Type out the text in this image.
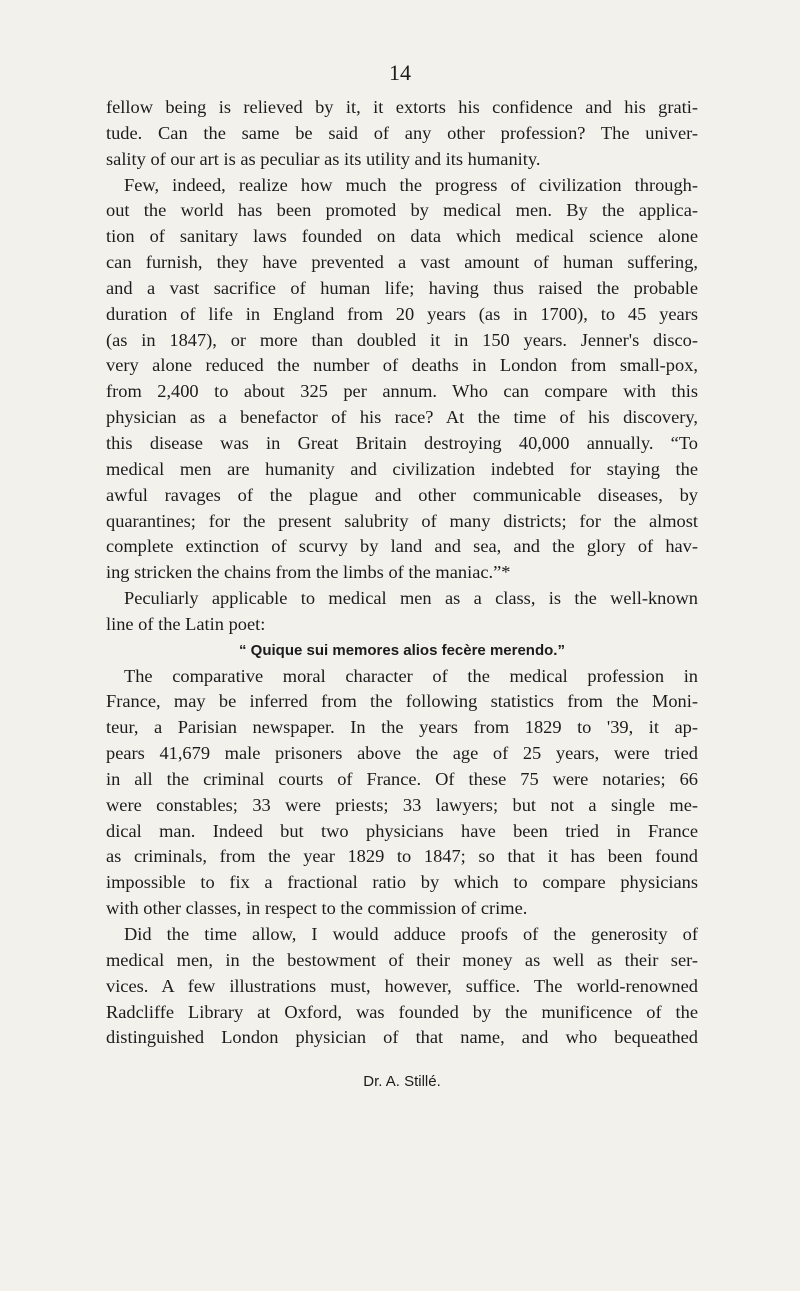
14
fellow being is relieved by it, it extorts his confidence and his grati-
tude. Can the same be said of any other profession? The univer-
sality of our art is as peculiar as its utility and its humanity.
Few, indeed, realize how much the progress of civilization through-
out the world has been promoted by medical men. By the applica-
tion of sanitary laws founded on data which medical science alone
can furnish, they have prevented a vast amount of human suffering,
and a vast sacrifice of human life; having thus raised the probable
duration of life in England from 20 years (as in 1700), to 45 years
(as in 1847), or more than doubled it in 150 years. Jenner's disco-
very alone reduced the number of deaths in London from small-pox,
from 2,400 to about 325 per annum. Who can compare with this
physician as a benefactor of his race? At the time of his discovery,
this disease was in Great Britain destroying 40,000 annually. “To
medical men are humanity and civilization indebted for staying the
awful ravages of the plague and other communicable diseases, by
quarantines; for the present salubrity of many districts; for the almost
complete extinction of scurvy by land and sea, and the glory of hav-
ing stricken the chains from the limbs of the maniac.”*
Peculiarly applicable to medical men as a class, is the well-known
line of the Latin poet:
“ Quique sui memores alios fecère merendo.”
The comparative moral character of the medical profession in
France, may be inferred from the following statistics from the Moni-
teur, a Parisian newspaper. In the years from 1829 to '39, it ap-
pears 41,679 male prisoners above the age of 25 years, were tried
in all the criminal courts of France. Of these 75 were notaries; 66
were constables; 33 were priests; 33 lawyers; but not a single me-
dical man. Indeed but two physicians have been tried in France
as criminals, from the year 1829 to 1847; so that it has been found
impossible to fix a fractional ratio by which to compare physicians
with other classes, in respect to the commission of crime.
Did the time allow, I would adduce proofs of the generosity of
medical men, in the bestowment of their money as well as their ser-
vices. A few illustrations must, however, suffice. The world-renowned
Radcliffe Library at Oxford, was founded by the munificence of the
distinguished London physician of that name, and who bequeathed
Dr. A. Stillé.
